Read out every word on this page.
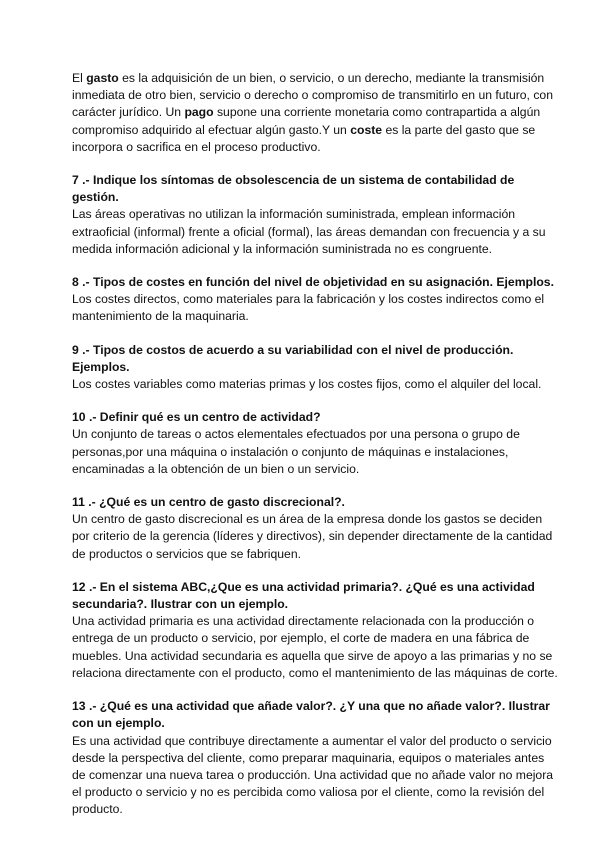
El gasto es la adquisición de un bien, o servicio, o un derecho, mediante la transmisión inmediata de otro bien, servicio o derecho o compromiso de transmitirlo en un futuro, con carácter jurídico. Un pago supone una corriente monetaria como contrapartida a algún compromiso adquirido al efectuar algún gasto.Y un coste es la parte del gasto que se incorpora o sacrifica en el proceso productivo.

7 .- Indique los síntomas de obsolescencia de un sistema de contabilidad de gestión.

Las áreas operativas no utilizan la información suministrada, emplean información extraoficial (informal) frente a oficial (formal), las áreas demandan con frecuencia y a su medida información adicional y la información suministrada no es congruente.

8 .- Tipos de costes en función del nivel de objetividad en su asignación. Ejemplos.

Los costes directos, como materiales para la fabricación y los costes indirectos como el mantenimiento de la maquinaria.

9 .- Tipos de costos de acuerdo a su variabilidad con el nivel de producción. Ejemplos.

Los costes variables como materias primas y los costes fijos, como el alquiler del local.

10 .- Definir qué es un centro de actividad?

Un conjunto de tareas o actos elementales efectuados por una persona o grupo de personas,por una máquina o instalación o conjunto de máquinas e instalaciones, encaminadas a la obtención de un bien o un servicio.

11 .- ¿Qué es un centro de gasto discrecional?.

Un centro de gasto discrecional es un área de la empresa donde los gastos se deciden por criterio de la gerencia (líderes y directivos), sin depender directamente de la cantidad de productos o servicios que se fabriquen.

12 .- En el sistema ABC,¿Que es una actividad primaria?. ¿Qué es una actividad secundaria?. Ilustrar con un ejemplo.

Una actividad primaria es una actividad directamente relacionada con la producción o entrega de un producto o servicio, por ejemplo, el corte de madera en una fábrica de muebles. Una actividad secundaria es aquella que sirve de apoyo a las primarias y no se relaciona directamente con el producto, como el mantenimiento de las máquinas de corte.

13 .- ¿Qué es una actividad que añade valor?. ¿Y una que no añade valor?. Ilustrar con un ejemplo.

Es una actividad que contribuye directamente a aumentar el valor del producto o servicio desde la perspectiva del cliente, como preparar maquinaria, equipos o materiales antes de comenzar una nueva tarea o producción. Una actividad que no añade valor no mejora el producto o servicio y no es percibida como valiosa por el cliente, como la revisión del producto.
